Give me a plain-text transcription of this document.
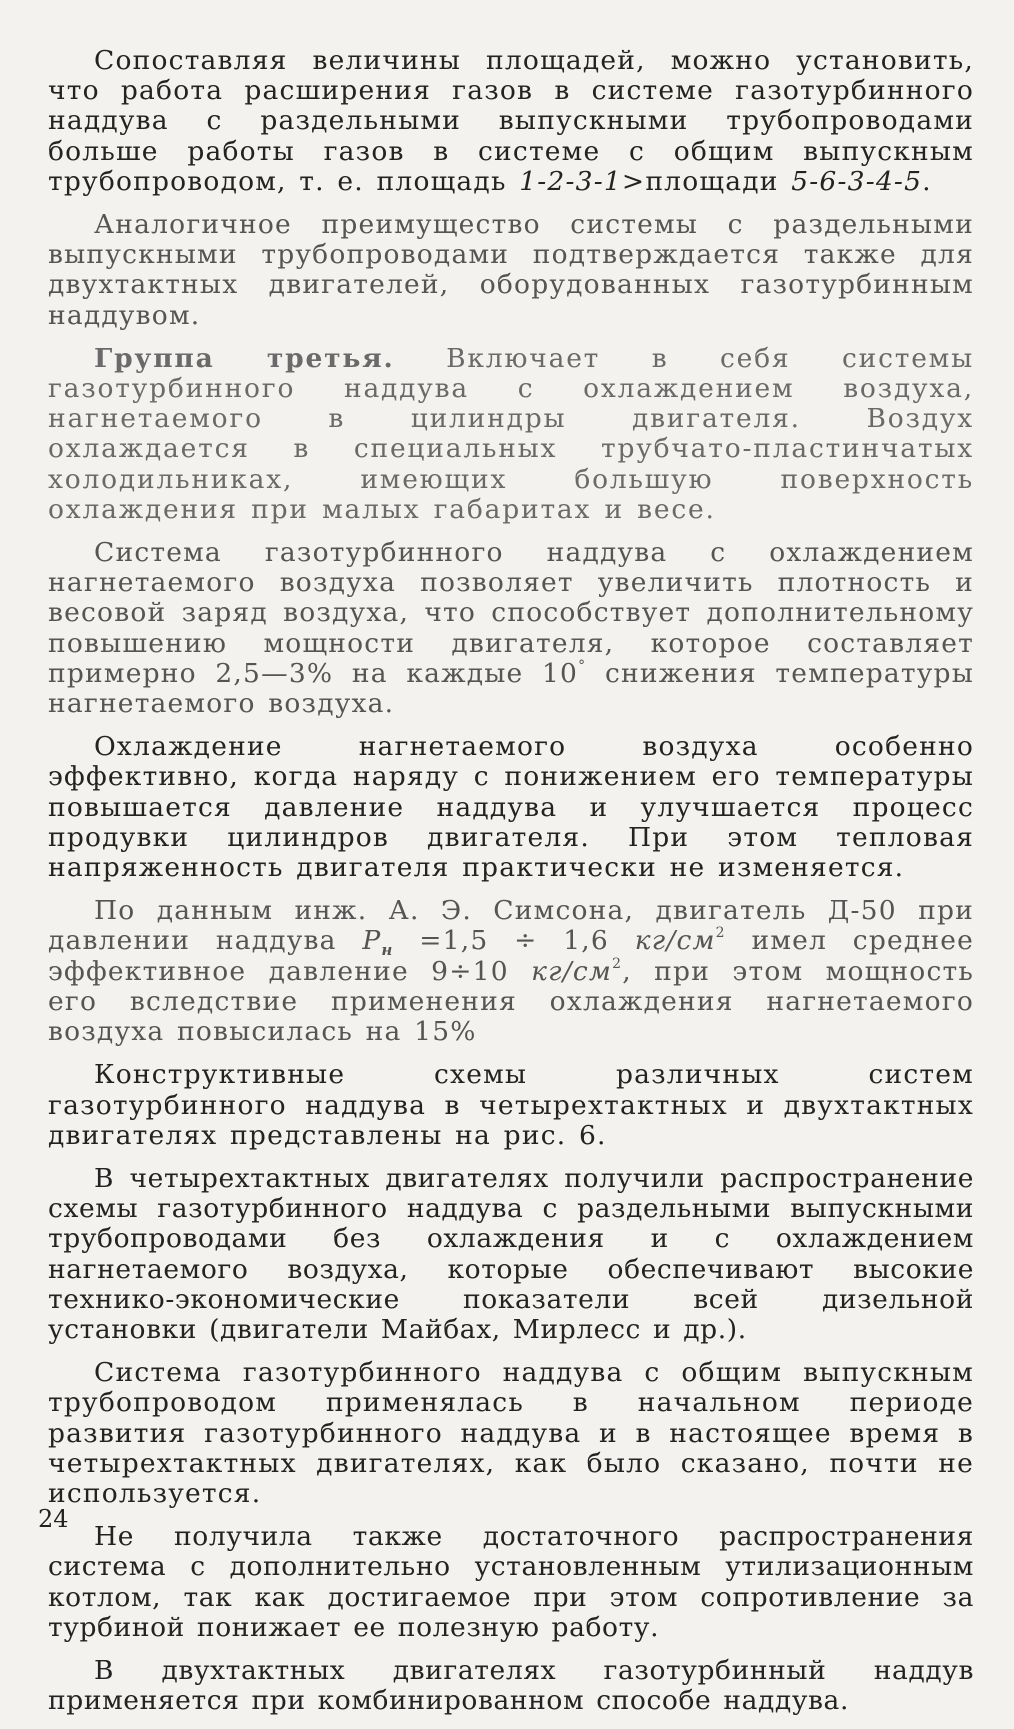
Сопоставляя величины площадей, можно установить, что работа расширения газов в системе газотурбинного наддува с раздельными выпускными трубопроводами больше работы газов в системе с общим выпускным трубопроводом, т. е. площадь 1-2-3-1>площади 5-6-3-4-5.

Аналогичное преимущество системы с раздельными выпускными трубопроводами подтверждается также для двухтактных двигателей, оборудованных газотурбинным наддувом.

Группа третья. Включает в себя системы газотурбинного наддува с охлаждением воздуха, нагнетаемого в цилиндры двигателя. Воздух охлаждается в специальных трубчато-пластинчатых холодильниках, имеющих большую поверхность охлаждения при малых габаритах и весе.

Система газотурбинного наддува с охлаждением нагнетаемого воздуха позволяет увеличить плотность и весовой заряд воздуха, что способствует дополнительному повышению мощности двигателя, которое составляет примерно 2,5—3% на каждые 10° снижения температуры нагнетаемого воздуха.

Охлаждение нагнетаемого воздуха особенно эффективно, когда наряду с понижением его температуры повышается давление наддува и улучшается процесс продувки цилиндров двигателя. При этом тепловая напряженность двигателя практически не изменяется.

По данным инж. А. Э. Симсона, двигатель Д-50 при давлении наддува $P_н =1,5 \div 1,6$ $кг/см^2$ имел среднее эффективное давление 9÷10 $кг/см^2$, при этом мощность его вследствие применения охлаждения нагнетаемого воздуха повысилась на 15%

Конструктивные схемы различных систем газотурбинного наддува в четырехтактных и двухтактных двигателях представлены на рис. 6.

В четырехтактных двигателях получили распространение схемы газотурбинного наддува с раздельными выпускными трубопроводами без охлаждения и с охлаждением нагнетаемого воздуха, которые обеспечивают высокие технико-экономические показатели всей дизельной установки (двигатели Майбах, Мирлесс и др.).

Система газотурбинного наддува с общим выпускным трубопроводом применялась в начальном периоде развития газотурбинного наддува и в настоящее время в четырехтактных двигателях, как было сказано, почти не используется.

Не получила также достаточного распространения система с дополнительно установленным утилизационным котлом, так как достигаемое при этом сопротивление за турбиной понижает ее полезную работу.

В двухтактных двигателях газотурбинный наддув применяется при комбинированном способе наддува.

24
